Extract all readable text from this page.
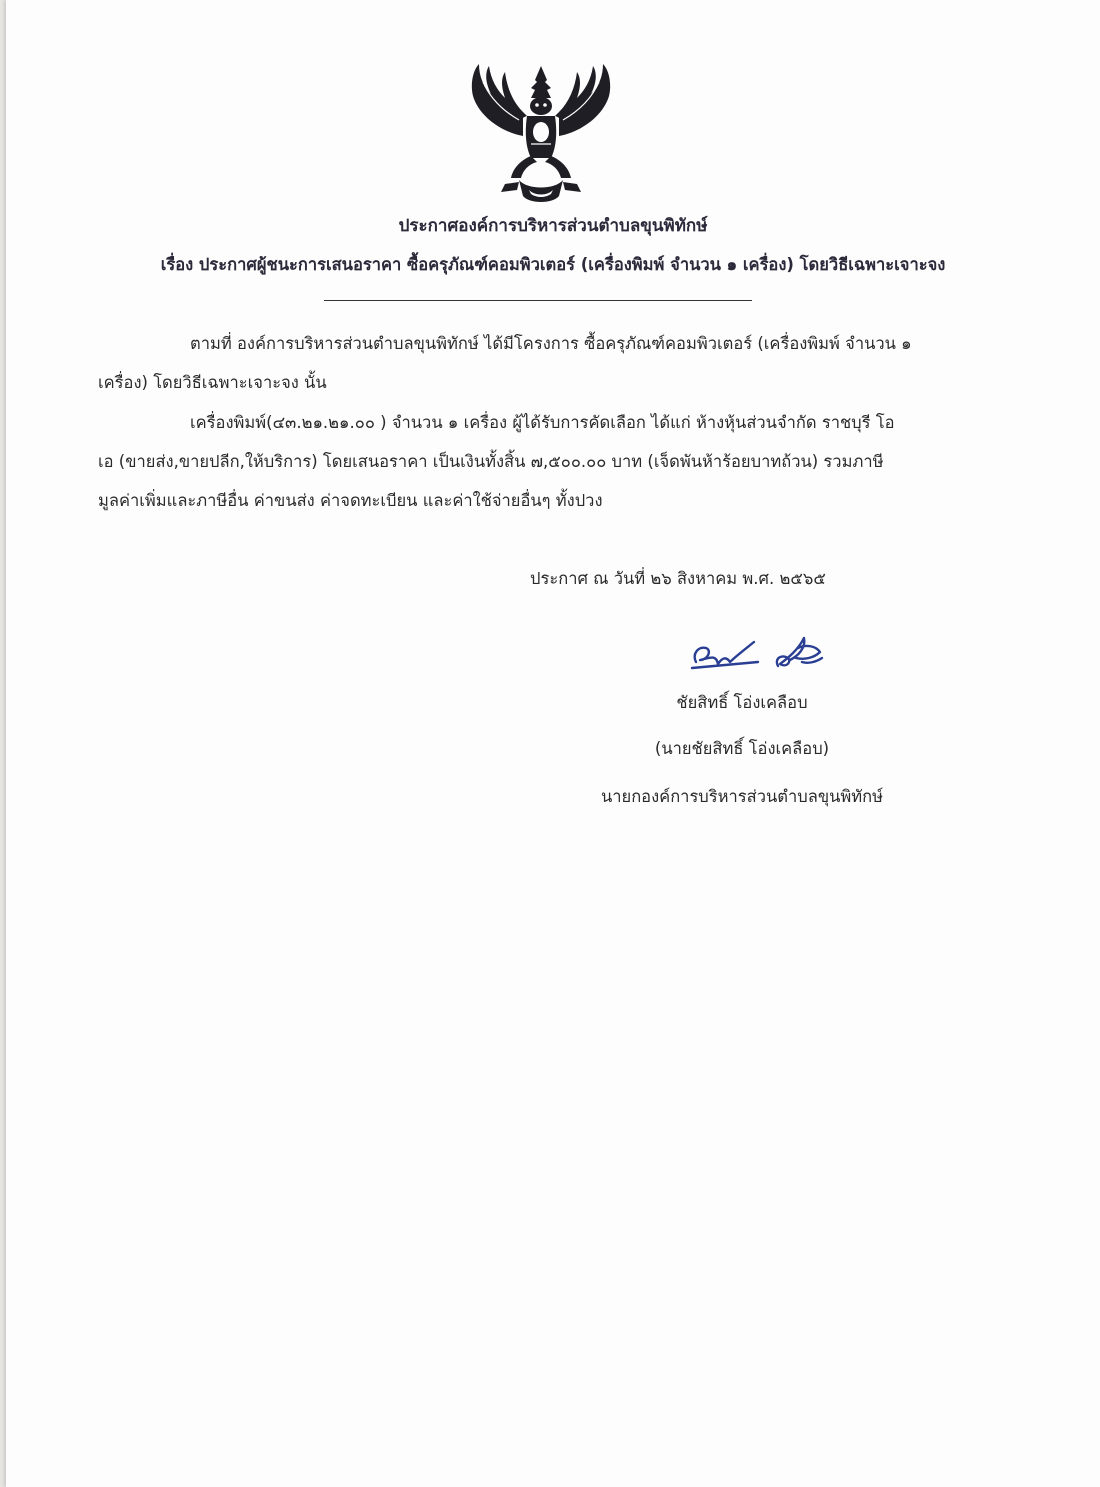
ประกาศองค์การบริหารส่วนตำบลขุนพิทักษ์
เรื่อง ประกาศผู้ชนะการเสนอราคา ซื้อครุภัณฑ์คอมพิวเตอร์ (เครื่องพิมพ์ จำนวน ๑ เครื่อง) โดยวิธีเฉพาะเจาะจง
ตามที่ องค์การบริหารส่วนตำบลขุนพิทักษ์ ได้มีโครงการ ซื้อครุภัณฑ์คอมพิวเตอร์ (เครื่องพิมพ์ จำนวน ๑
เครื่อง) โดยวิธีเฉพาะเจาะจง นั้น
เครื่องพิมพ์(๔๓.๒๑.๒๑.๐๐ ) จำนวน ๑ เครื่อง ผู้ได้รับการคัดเลือก ได้แก่ ห้างหุ้นส่วนจำกัด ราชบุรี โอ
เอ (ขายส่ง,ขายปลีก,ให้บริการ) โดยเสนอราคา เป็นเงินทั้งสิ้น ๗,๕๐๐.๐๐ บาท (เจ็ดพันห้าร้อยบาทถ้วน) รวมภาษี
มูลค่าเพิ่มและภาษีอื่น ค่าขนส่ง ค่าจดทะเบียน และค่าใช้จ่ายอื่นๆ ทั้งปวง
ประกาศ ณ วันที่ ๒๖ สิงหาคม พ.ศ. ๒๕๖๕
ชัยสิทธิ์ โอ่งเคลือบ
(นายชัยสิทธิ์ โอ่งเคลือบ)
นายกองค์การบริหารส่วนตำบลขุนพิทักษ์
